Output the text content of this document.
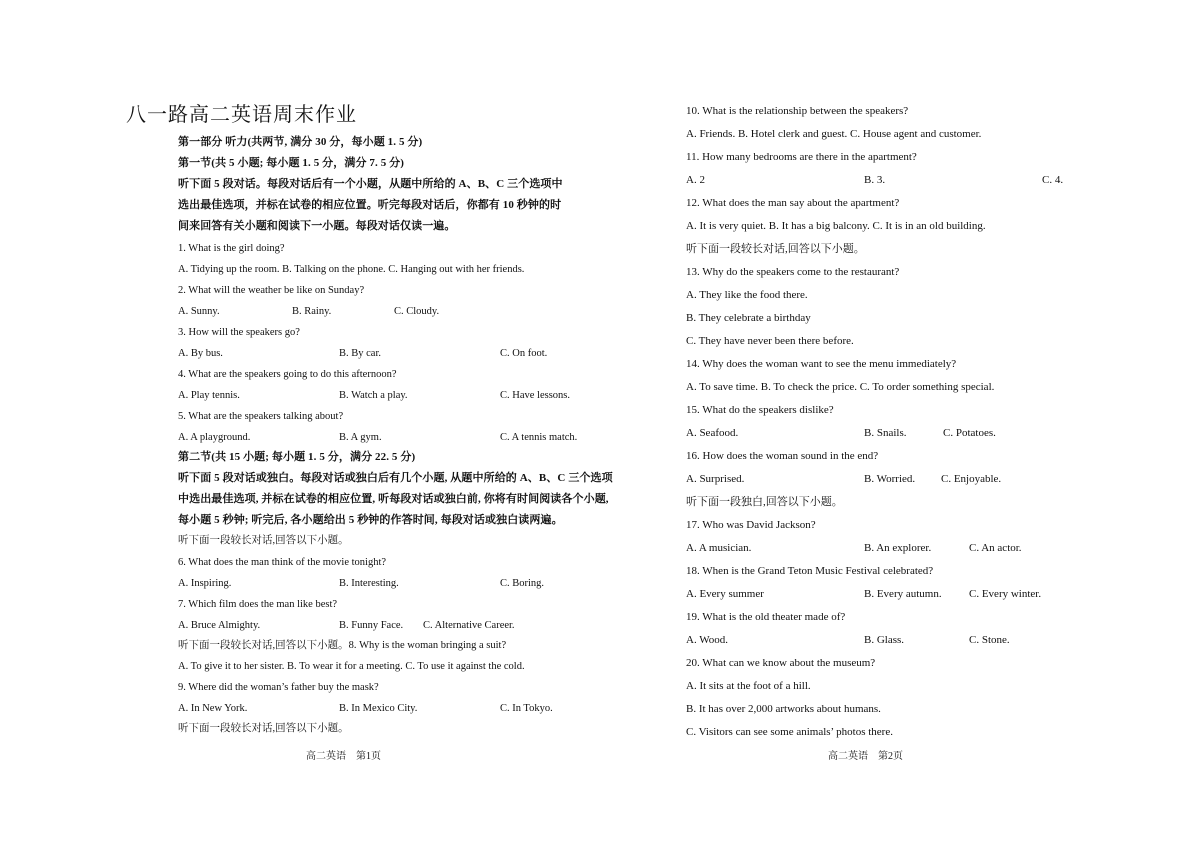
八一路高二英语周末作业
第一部分 听力(共两节, 满分 30 分，每小题 1. 5 分)
第一节(共 5 小题; 每小题 1. 5 分，满分 7. 5 分)
听下面 5 段对话。每段对话后有一个小题，从题中所给的 A、B、C 三个选项中
选出最佳选项，并标在试卷的相应位置。听完每段对话后，你都有 10 秒钟的时
间来回答有关小题和阅读下一小题。每段对话仅读一遍。
1. What is the girl doing?
A. Tidying up the room. B. Talking on the phone. C. Hanging out with her friends.
2. What will the weather be like on Sunday?
A. Sunny.	B. Rainy.	C. Cloudy.
3. How will the speakers go?
A. By bus.	B. By car.	C. On foot.
4. What are the speakers going to do this afternoon?
A. Play tennis.	B. Watch a play.	C. Have lessons.
5. What are the speakers talking about?
A. A playground.	B. A gym.	C. A tennis match.
第二节(共 15 小题; 每小题 1. 5 分，满分 22. 5 分)
听下面 5 段对话或独白。每段对话或独白后有几个小题, 从题中所给的 A、B、C 三个选项
中选出最佳选项, 并标在试卷的相应位置, 听每段对话或独白前, 你将有时间阅读各个小题,
每小题 5 秒钟; 听完后, 各小题给出 5 秒钟的作答时间, 每段对话或独白读两遍。
听下面一段较长对话,回答以下小题。
6. What does the man think of the movie tonight?
A. Inspiring.	B. Interesting.	C. Boring.
7. Which film does the man like best?
A. Bruce Almighty.	B. Funny Face. C. Alternative Career.
听下面一段较长对话,回答以下小题。8. Why is the woman bringing a suit?
A. To give it to her sister. B. To wear it for a meeting. C. To use it against the cold.
9. Where did the woman’s father buy the mask?
A. In New York.	B. In Mexico City.	C. In Tokyo.
听下面一段较长对话,回答以下小题。
10. What is the relationship between the speakers?
A. Friends. B. Hotel clerk and guest. C. House agent and customer.
11. How many bedrooms are there in the apartment?
A. 2	B. 3.	C. 4.
12. What does the man say about the apartment?
A. It is very quiet. B. It has a big balcony. C. It is in an old building.
听下面一段较长对话,回答以下小题。
13. Why do the speakers come to the restaurant?
A. They like the food there.
B. They celebrate a birthday
C. They have never been there before.
14. Why does the woman want to see the menu immediately?
A. To save time. B. To check the price. C. To order something special.
15. What do the speakers dislike?
A. Seafood.	B. Snails.	C. Potatoes.
16. How does the woman sound in the end?
A. Surprised.	B. Worried. C. Enjoyable.
听下面一段独白,回答以下小题。
17. Who was David Jackson?
A. A musician.	B. An explorer.	C. An actor.
18. When is the Grand Teton Music Festival celebrated?
A. Every summer	B. Every autumn. C. Every winter.
19. What is the old theater made of?
A. Wood.	B. Glass.	C. Stone.
20. What can we know about the museum?
A. It sits at the foot of a hill.
B. It has over 2,000 artworks about humans.
C. Visitors can see some animals’ photos there.
高二英语　第1页	高二英语　第2页
